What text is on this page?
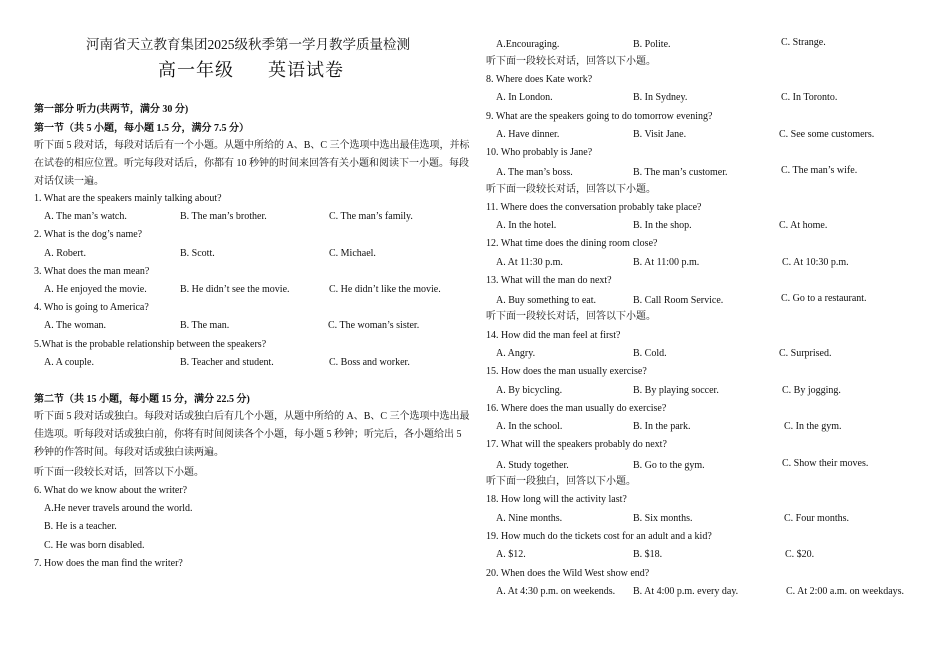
河南省天立教育集团2025级秋季第一学月教学质量检测
高一年级 英语试卷
第一部分 听力(共两节，满分 30 分)
第一节（共 5 小题，每小题 1.5 分，满分 7.5 分）
听下面 5 段对话，每段对话后有一个小题。从题中所给的 A、B、C 三个选项中选出最佳选项，并标 在试卷的相应位置。听完每段对话后，你都有 10 秒钟的时间来回答有关小题和阅读下一小题。每段对话仅读一遍。
1. What are the speakers mainly talking about?
A. The man’s watch.	B. The man’s brother.	C. The man’s family.
2. What is the dog’s name?
A. Robert.	B. Scott.	C. Michael.
3. What does the man mean?
A. He enjoyed the movie.	B. He didn’t see the movie.	C. He didn’t like the movie.
4. Who is going to America?
A. The woman.	B. The man.	C. The woman’s sister.
5.What is the probable relationship between the speakers?
A. A couple.	B. Teacher and student.	C. Boss and worker.
第二节（共 15 小题，每小题 15 分，满分 22.5 分)
听下面 5 段对话或独白。每段对话或独白后有几个小题，从题中所给的 A、B、C 三个选项中选出最佳选项。听每段对话或独白前，你将有时间阅读各个小题，每小题 5 秒钟；听完后，各小题给出 5 秒钟的作答时间。每段对话或独白读两遍。
听下面一段较长对话，回答以下小题。
6. What do we know about the writer?
A.He never travels around the world.
B. He is a teacher.
C. He was born disabled.
7. How does the man find the writer?
A.Encouraging.	B. Polite.	C. Strange.
听下面一段较长对话，回答以下小题。
8. Where does Kate work?
A. In London.	B. In Sydney.	C. In Toronto.
9. What are the speakers going to do tomorrow evening?
A. Have dinner.	B. Visit Jane.	C. See some customers.
10. Who probably is Jane?
A. The man’s boss.	B. The man’s customer.	C. The man’s wife.
听下面一段较长对话，回答以下小题。
11. Where does the conversation probably take place?
A. In the hotel.	B. In the shop.	C. At home.
12. What time does the dining room close?
A. At 11:30 p.m.	B. At 11:00 p.m.	C. At 10:30 p.m.
13. What will the man do next?
A. Buy something to eat.	B. Call Room Service.	C. Go to a restaurant.
听下面一段较长对话，回答以下小题。
14. How did the man feel at first?
A. Angry.	B. Cold.	C. Surprised.
15. How does the man usually exercise?
A. By bicycling.	B. By playing soccer.	C. By jogging.
16. Where does the man usually do exercise?
A. In the school.	B. In the park.	C. In the gym.
17. What will the speakers probably do next?
A. Study together.	B. Go to the gym.	C. Show their moves.
听下面一段独白，回答以下小题。
18. How long will the activity last?
A. Nine months.	B. Six months.	C. Four months.
19. How much do the tickets cost for an adult and a kid?
A. $12.	B. $18.	C. $20.
20. When does the Wild West show end?
A. At 4:30 p.m. on weekends. B. At 4:00 p.m. every day.	C. At 2:00 a.m. on weekdays.
